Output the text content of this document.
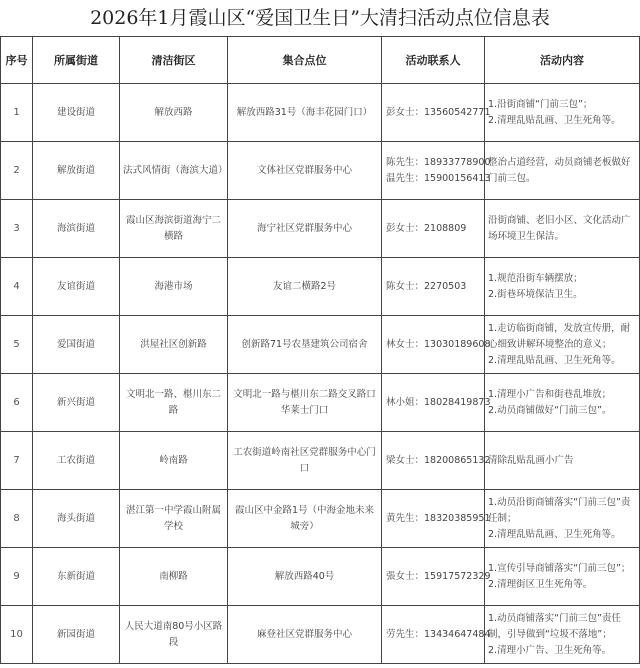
2026年1月霞山区“爱国卫生日”大清扫活动点位信息表
序号	所属街道	清洁街区	集合点位	活动联系人	活动内容
1	建设街道	解放西路	解放西路31号（海丰花园门口）	彭女士：13560542771	1.沿街商铺“门前三包”；
2.清理乱贴乱画、卫生死角等。

2	解放街道	法式风情街（海滨大道）	文体社区党群服务中心	陈先生：18933778900
温先生：15900156413	整治占道经营，动员商铺老板做好门前三包。

3	海滨街道	霞山区海滨街道海宁二横路	海宁社区党群服务中心	彭女士：2108809	沿街商铺、老旧小区、文化活动广场环境卫生保洁。

4	友谊街道	海港市场	友谊二横路2号	陈女士：2270503	1.规范沿街车辆摆放；
2.街巷环境保洁卫生。

5	爱国街道	洪屋社区创新路	创新路71号农垦建筑公司宿舍	林女士：13030189608	1.走访临街商铺，发放宣传册，耐心细致讲解环境整治的意义；
2.清理乱贴乱画、卫生死角等。

6	新兴街道	文明北一路、椹川东二路	文明北一路与椹川东二路交叉路口华莱士门口	林小姐：18028419873	1.清理小广告和街巷乱堆放；
2.动员商铺做好“门前三包”。

7	工农街道	岭南路	工农街道岭南社区党群服务中心门口	梁女士：18200865132	清除乱贴乱画小广告

8	海头街道	湛江第一中学霞山附属学校	霞山区中金路1号（中海金地未来城旁）	黄先生：18320385951	1.动员沿街商铺落实“门前三包”责任制；
2.清理乱贴乱画、卫生死角等。

9	东新街道	南柳路	解放西路40号	張女士：15917572329	1.宣传引导商铺落实“门前三包”；
2.清理街区卫生死角等。

10	新园街道	人民大道南80号小区路段	麻登社区党群服务中心	劳先生：13434647484	1.动员商铺落实“门前三包”责任制，引导做到“垃圾不落地”；
2.清理小广告、卫生死角等。
